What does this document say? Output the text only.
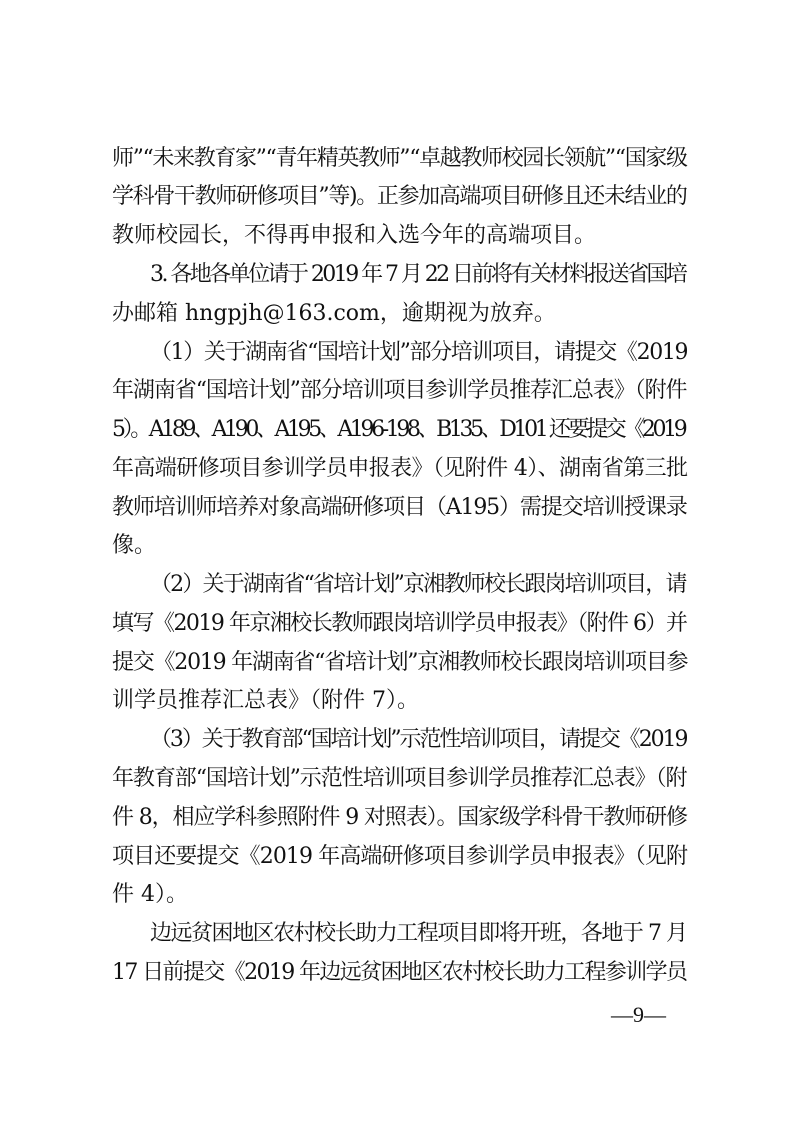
师”“未来教育家”“青年精英教师”“卓越教师校园长领航”“国家级
学科骨干教师研修项目”等)。正参加高端项目研修且还未结业的
教师校园长，不得再申报和入选今年的高端项目。
3. 各地各单位请于 2019 年 7 月 22 日前将有关材料报送省国培
办邮箱 hngpjh@163.com，逾期视为放弃。
（1）关于湖南省“国培计划”部分培训项目，请提交《2019
年湖南省“国培计划”部分培训项目参训学员推荐汇总表》（附件
5）。A189、A190、A195、A196-198、B135、D101 还要提交《2019
年高端研修项目参训学员申报表》（见附件 4）、湖南省第三批
教师培训师培养对象高端研修项目（A195）需提交培训授课录
像。
（2）关于湖南省“省培计划”京湘教师校长跟岗培训项目，请
填写《2019 年京湘校长教师跟岗培训学员申报表》（附件 6）并
提交《2019 年湖南省“省培计划”京湘教师校长跟岗培训项目参
训学员推荐汇总表》（附件 7）。
（3）关于教育部“国培计划”示范性培训项目，请提交《2019
年教育部“国培计划”示范性培训项目参训学员推荐汇总表》（附
件 8，相应学科参照附件 9 对照表）。国家级学科骨干教师研修
项目还要提交《2019 年高端研修项目参训学员申报表》（见附
件 4）。
边远贫困地区农村校长助力工程项目即将开班，各地于 7 月
17 日前提交《2019 年边远贫困地区农村校长助力工程参训学员
—9—
